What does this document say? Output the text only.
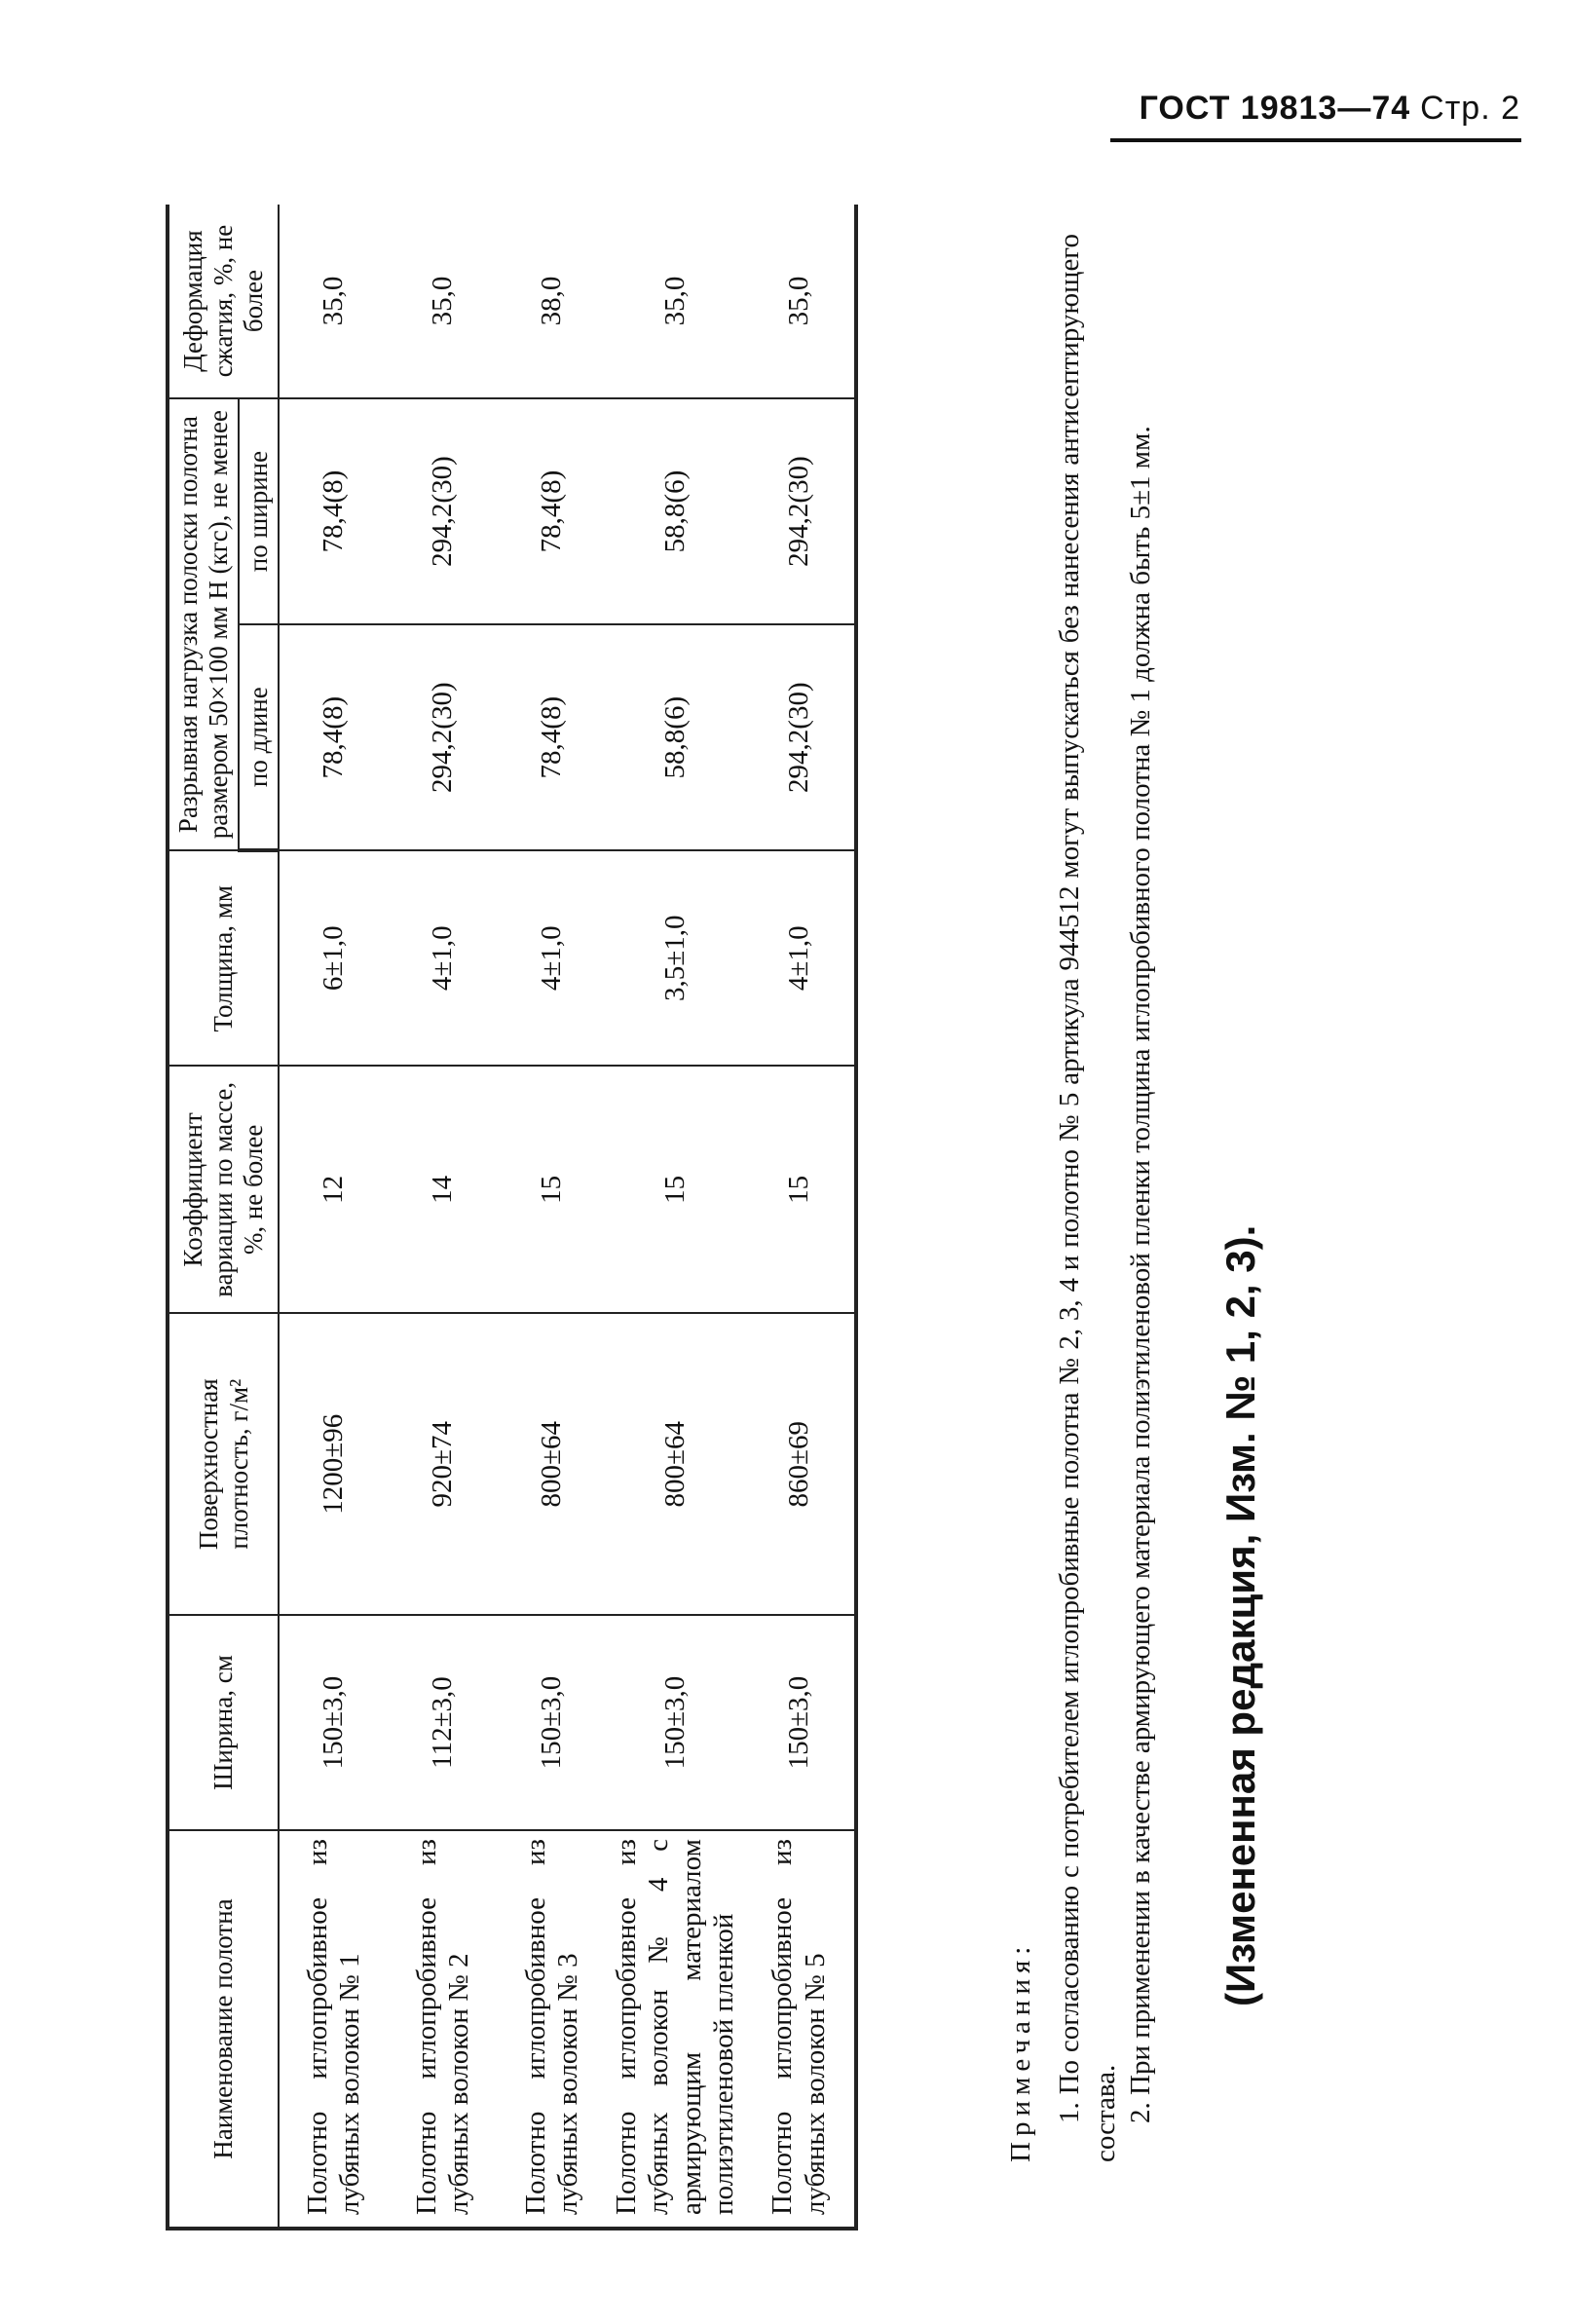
ГОСТ 19813—74 Стр. 2
Наименование полотна	Ширина, см	Поверхностная плотность, г/м²	Коэффициент вариации по массе, %, не более	Толщина, мм	Разрывная нагрузка полоски полотна размером 50×100 мм Н (кгс), не менее		Деформация сжатия, %, не более
					по длине	по ширине	
Полотно иглопробивное из лубяных волокон № 1	150±3,0	1200±96	12	6±1,0	78,4(8)	78,4(8)	35,0
Полотно иглопробивное из лубяных волокон № 2	112±3,0	920±74	14	4±1,0	294,2(30)	294,2(30)	35,0
Полотно иглопробивное из лубяных волокон № 3	150±3,0	800±64	15	4±1,0	78,4(8)	78,4(8)	38,0
Полотно иглопробивное из лубяных волокон № 4 с армирующим материалом полиэтиленовой пленкой	150±3,0	800±64	15	3,5±1,0	58,8(6)	58,8(6)	35,0
Полотно иглопробивное из лубяных волокон № 5	150±3,0	860±69	15	4±1,0	294,2(30)	294,2(30)	35,0
Примечания: 1. По согласованию с потребителем иглопробивные полотна № 2, 3, 4 и полотно № 5 артикула 944512 могут выпускаться без нанесения антисептирующего состава. 2. При применении в качестве армирующего материала полиэтиленовой пленки толщина иглопробивного полотна № 1 должна быть 5±1 мм. (Измененная редакция, Изм. № 1, 2, 3).
